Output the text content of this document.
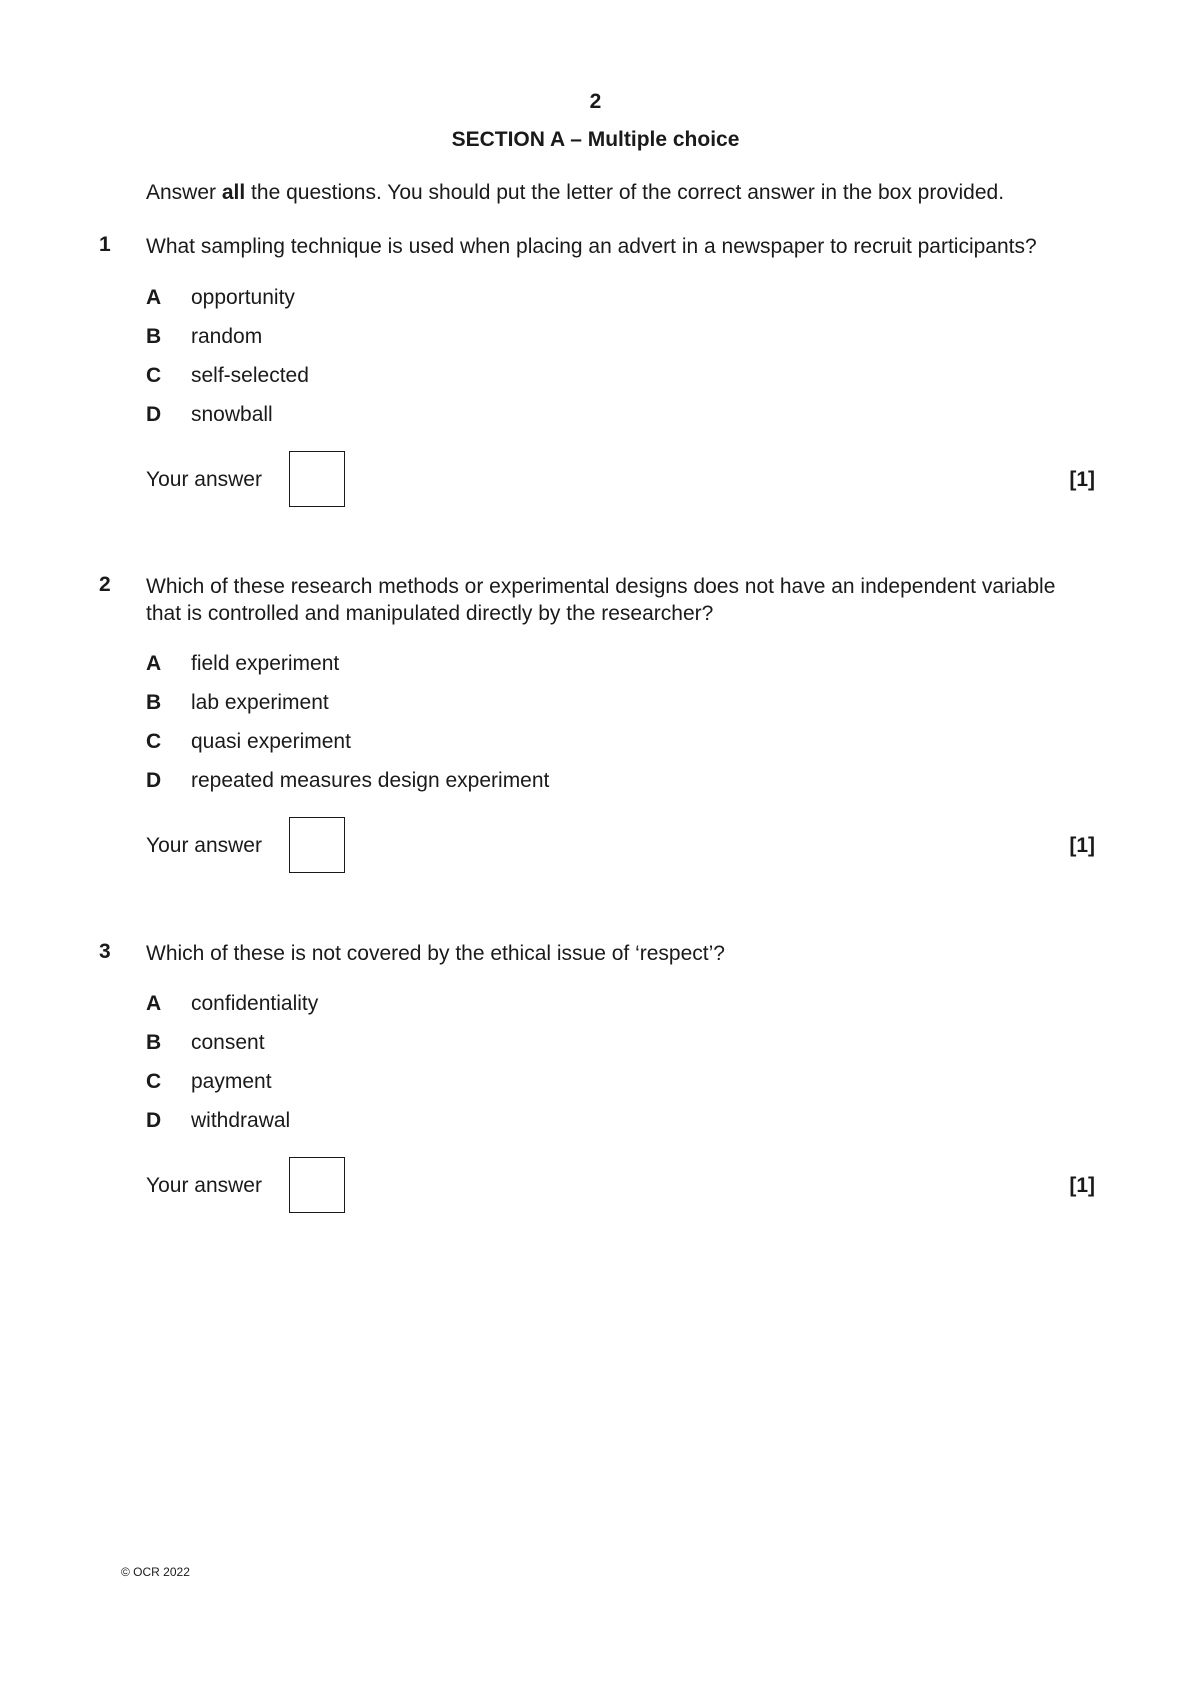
2
SECTION A – Multiple choice
Answer all the questions. You should put the letter of the correct answer in the box provided.
1 What sampling technique is used when placing an advert in a newspaper to recruit participants?
A opportunity
B random
C self-selected
D snowball
Your answer	[1]
2 Which of these research methods or experimental designs does not have an independent variable
that is controlled and manipulated directly by the researcher?
A field experiment
B lab experiment
C quasi experiment
D repeated measures design experiment
Your answer	[1]
3 Which of these is not covered by the ethical issue of ‘respect’?
A confidentiality
B consent
C payment
D withdrawal
Your answer	[1]
© OCR 2022
